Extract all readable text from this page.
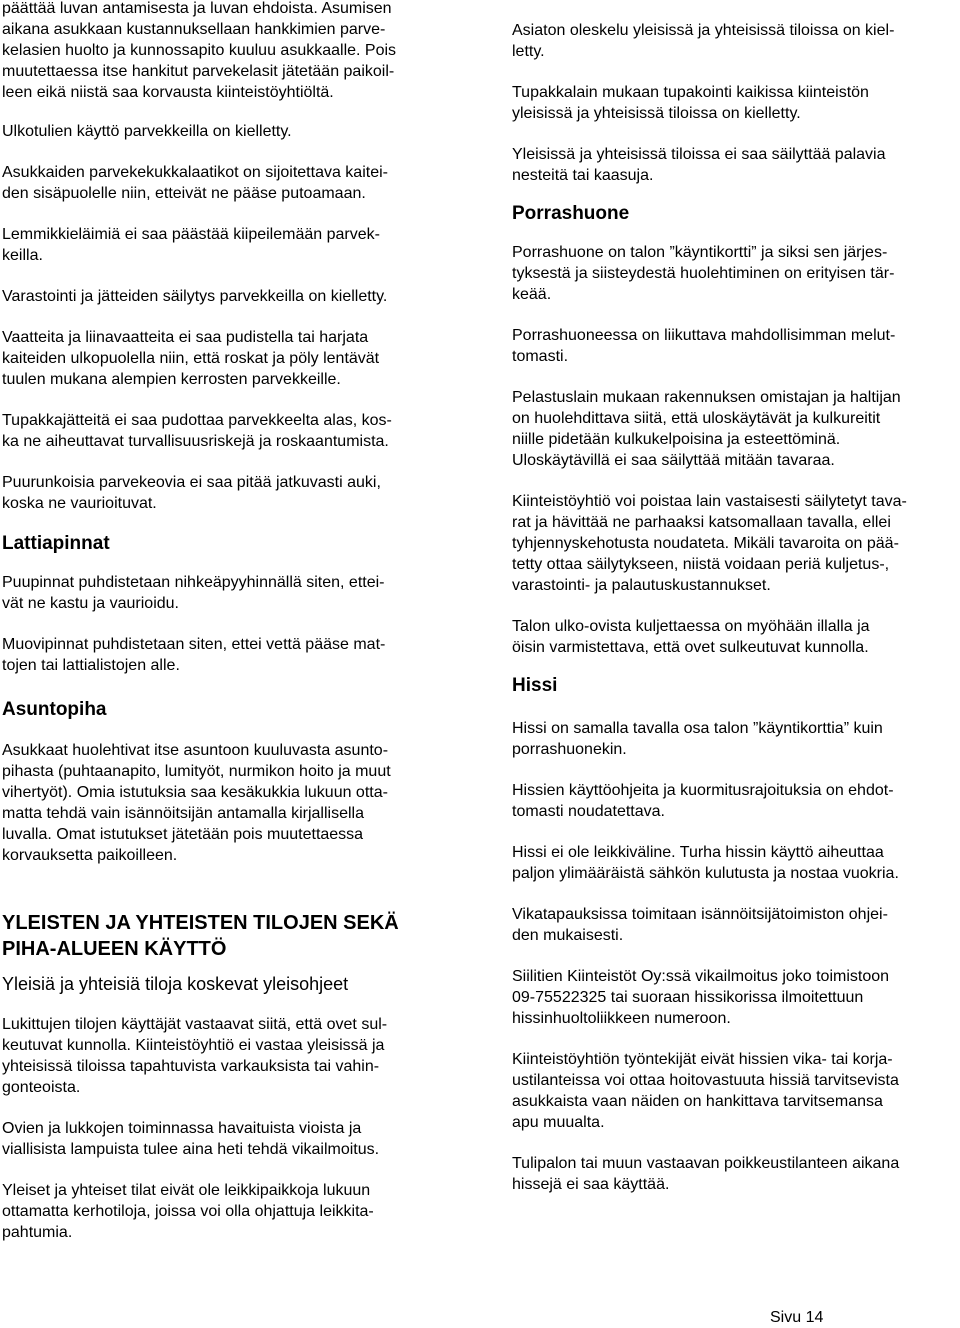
päättää luvan antamisesta ja luvan ehdoista. Asumisen
aikana asukkaan kustannuksellaan hankkimien parve-
kelasien huolto ja kunnossapito kuuluu asukkaalle. Pois
muutettaessa itse hankitut parvekelasit jätetään paikoil-
leen eikä niistä saa korvausta kiinteistöyhtiöltä.

Ulkotulien käyttö parvekkeilla on kielletty.

Asukkaiden parvekekukkalaatikot on sijoitettava kaitei-
den sisäpuolelle niin, etteivät ne pääse putoamaan.

Lemmikkieläimiä ei saa päästää kiipeilemään parvek-
keilla.

Varastointi ja jätteiden säilytys parvekkeilla on kielletty.

Vaatteita ja liinavaatteita ei saa pudistella tai harjata
kaiteiden ulkopuolella niin, että roskat ja pöly lentävät
tuulen mukana alempien kerrosten parvekkeille.

Tupakkajätteitä ei saa pudottaa parvekkeelta alas, kos-
ka ne aiheuttavat turvallisuusriskejä ja roskaantumista.

Puurunkoisia parvekeovia ei saa pitää jatkuvasti auki,
koska ne vaurioituvat.

Lattiapinnat

Puupinnat puhdistetaan nihkeäpyyhinnällä siten, ettei-
vät ne kastu ja vaurioidu.

Muovipinnat puhdistetaan siten, ettei vettä pääse mat-
tojen tai lattialistojen alle.

Asuntopiha

Asukkaat huolehtivat itse asuntoon kuuluvasta asunto-
pihasta (puhtaanapito, lumityöt, nurmikon hoito ja muut
vihertyöt). Omia istutuksia saa kesäkukkia lukuun otta-
matta tehdä vain isännöitsijän antamalla kirjallisella
luvalla. Omat istutukset jätetään pois muutettaessa
korvauksetta paikoilleen.

YLEISTEN JA YHTEISTEN TILOJEN SEKÄ
PIHA-ALUEEN KÄYTTÖ
Yleisiä ja yhteisiä tiloja koskevat yleisohjeet

Lukittujen tilojen käyttäjät vastaavat siitä, että ovet sul-
keutuvat kunnolla. Kiinteistöyhtiö ei vastaa yleisissä ja
yhteisissä tiloissa tapahtuvista varkauksista tai vahin-
gonteoista.

Ovien ja lukkojen toiminnassa havaituista vioista ja
viallisista lampuista tulee aina heti tehdä vikailmoitus.

Yleiset ja yhteiset tilat eivät ole leikkipaikkoja lukuun
ottamatta kerhotiloja, joissa voi olla ohjattuja leikkita-
pahtumia.

Asiaton oleskelu yleisissä ja yhteisissä tiloissa on kiel-
letty.

Tupakkalain mukaan tupakointi kaikissa kiinteistön
yleisissä ja yhteisissä tiloissa on kielletty.

Yleisissä ja yhteisissä tiloissa ei saa säilyttää palavia
nesteitä tai kaasuja.

Porrashuone

Porrashuone on talon ”käyntikortti” ja siksi sen järjes-
tyksestä ja siisteydestä huolehtiminen on erityisen tär-
keää.

Porrashuoneessa on liikuttava mahdollisimman melut-
tomasti.

Pelastuslain mukaan rakennuksen omistajan ja haltijan
on huolehdittava siitä, että uloskäytävät ja kulkureitit
niille pidetään kulkukelpoisina ja esteettöminä.
Uloskäytävillä ei saa säilyttää mitään tavaraa.

Kiinteistöyhtiö voi poistaa lain vastaisesti säilytetyt tava-
rat ja hävittää ne parhaaksi katsomallaan tavalla, ellei
tyhjennyskehotusta noudateta. Mikäli tavaroita on pää-
tetty ottaa säilytykseen, niistä voidaan periä kuljetus-,
varastointi- ja palautuskustannukset.

Talon ulko-ovista kuljettaessa on myöhään illalla ja
öisin varmistettava, että ovet sulkeutuvat kunnolla.

Hissi

Hissi on samalla tavalla osa talon ”käyntikorttia” kuin
porrashuonekin.

Hissien käyttöohjeita ja kuormitusrajoituksia on ehdot-
tomasti noudatettava.

Hissi ei ole leikkiväline. Turha hissin käyttö aiheuttaa
paljon ylimääräistä sähkön kulutusta ja nostaa vuokria.

Vikatapauksissa toimitaan isännöitsijätoimiston ohjei-
den mukaisesti.

Siilitien Kiinteistöt Oy:ssä vikailmoitus joko toimistoon
09-75522325 tai suoraan hissikorissa ilmoitettuun
hissinhuoltoliikkeen numeroon.

Kiinteistöyhtiön työntekijät eivät hissien vika- tai korja-
ustilanteissa voi ottaa hoitovastuuta hissiä tarvitsevista
asukkaista vaan näiden on hankittava tarvitsemansa
apu muualta.

Tulipalon tai muun vastaavan poikkeustilanteen aikana
hissejä ei saa käyttää.

Sivu 14
